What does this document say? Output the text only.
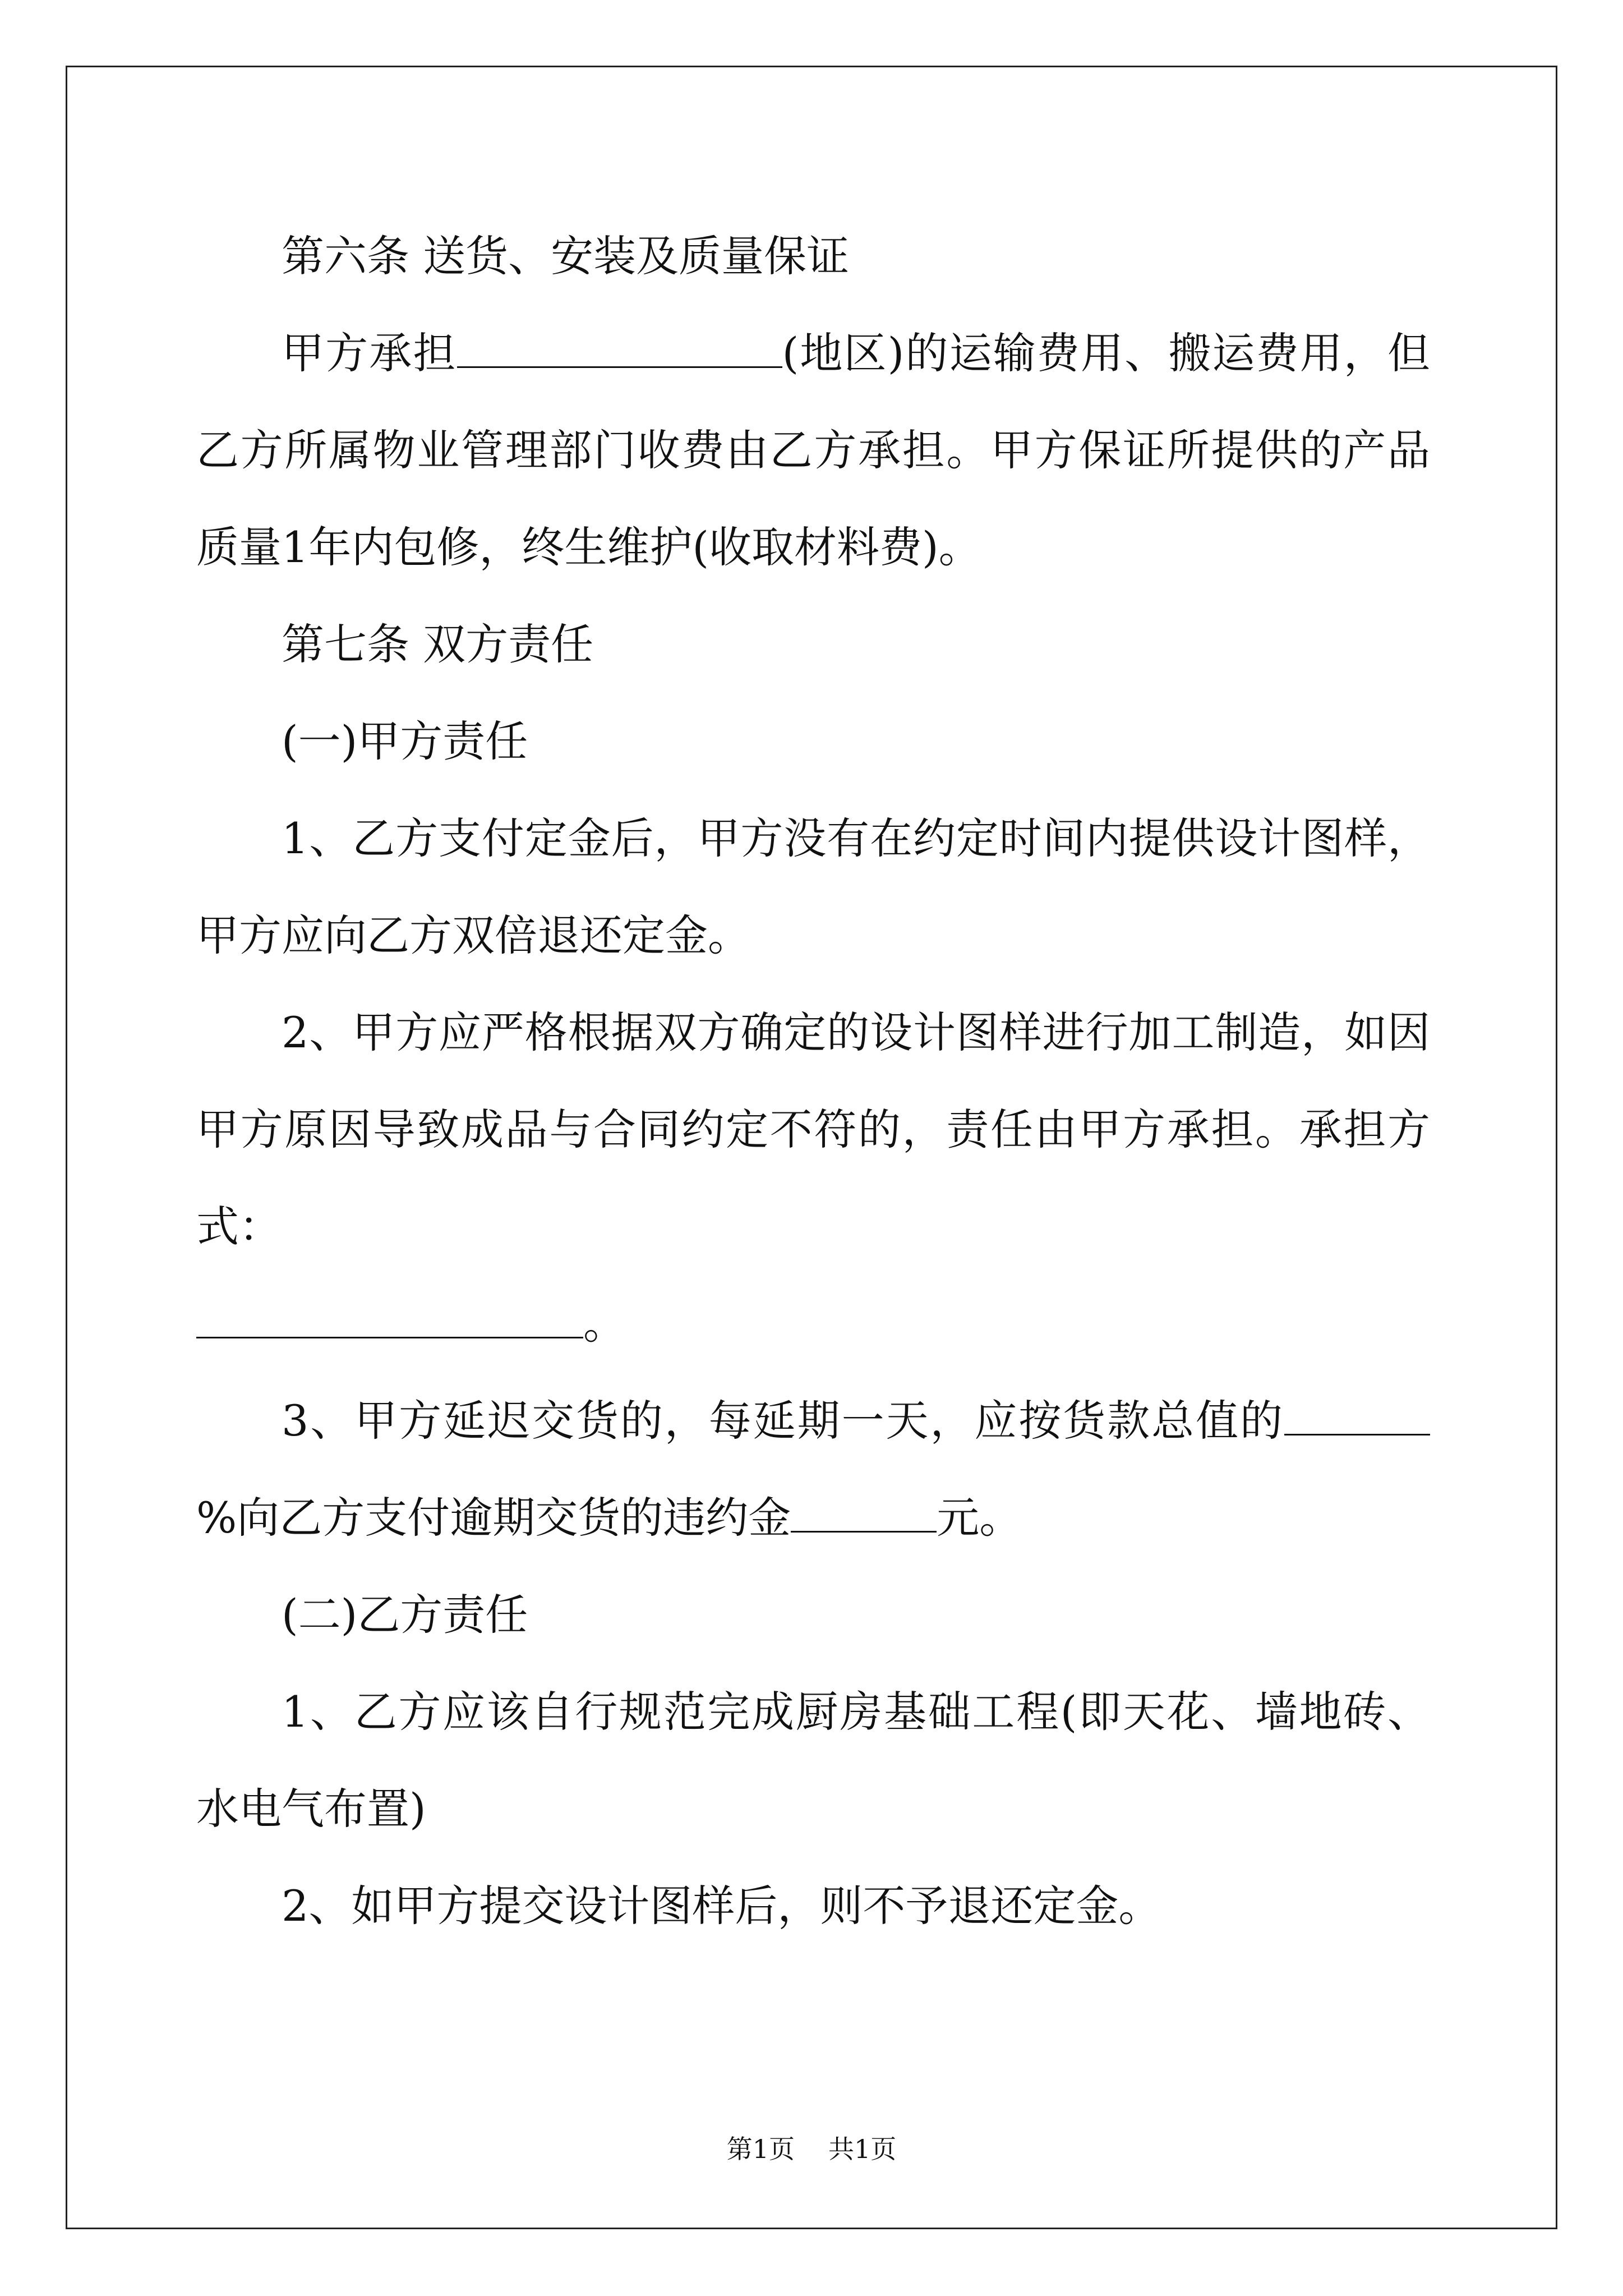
第六条 送货、安装及质量保证

甲方承担	(地区)的运输费用、搬运费用，但乙方所属物业管理部门收费由乙方承担。甲方保证所提供的产品质量1年内包修，终生维护(收取材料费)。

第七条 双方责任

(一)甲方责任

1、乙方支付定金后，甲方没有在约定时间内提供设计图样，甲方应向乙方双倍退还定金。

2、甲方应严格根据双方确定的设计图样进行加工制造，如因甲方原因导致成品与合同约定不符的，责任由甲方承担。承担方式：
。

3、甲方延迟交货的，每延期一天，应按货款总值的%向乙方支付逾期交货的违约金	元。

(二)乙方责任

1、乙方应该自行规范完成厨房基础工程(即天花、墙地砖、水电气布置)

2、如甲方提交设计图样后，则不予退还定金。

第1页 共1页
